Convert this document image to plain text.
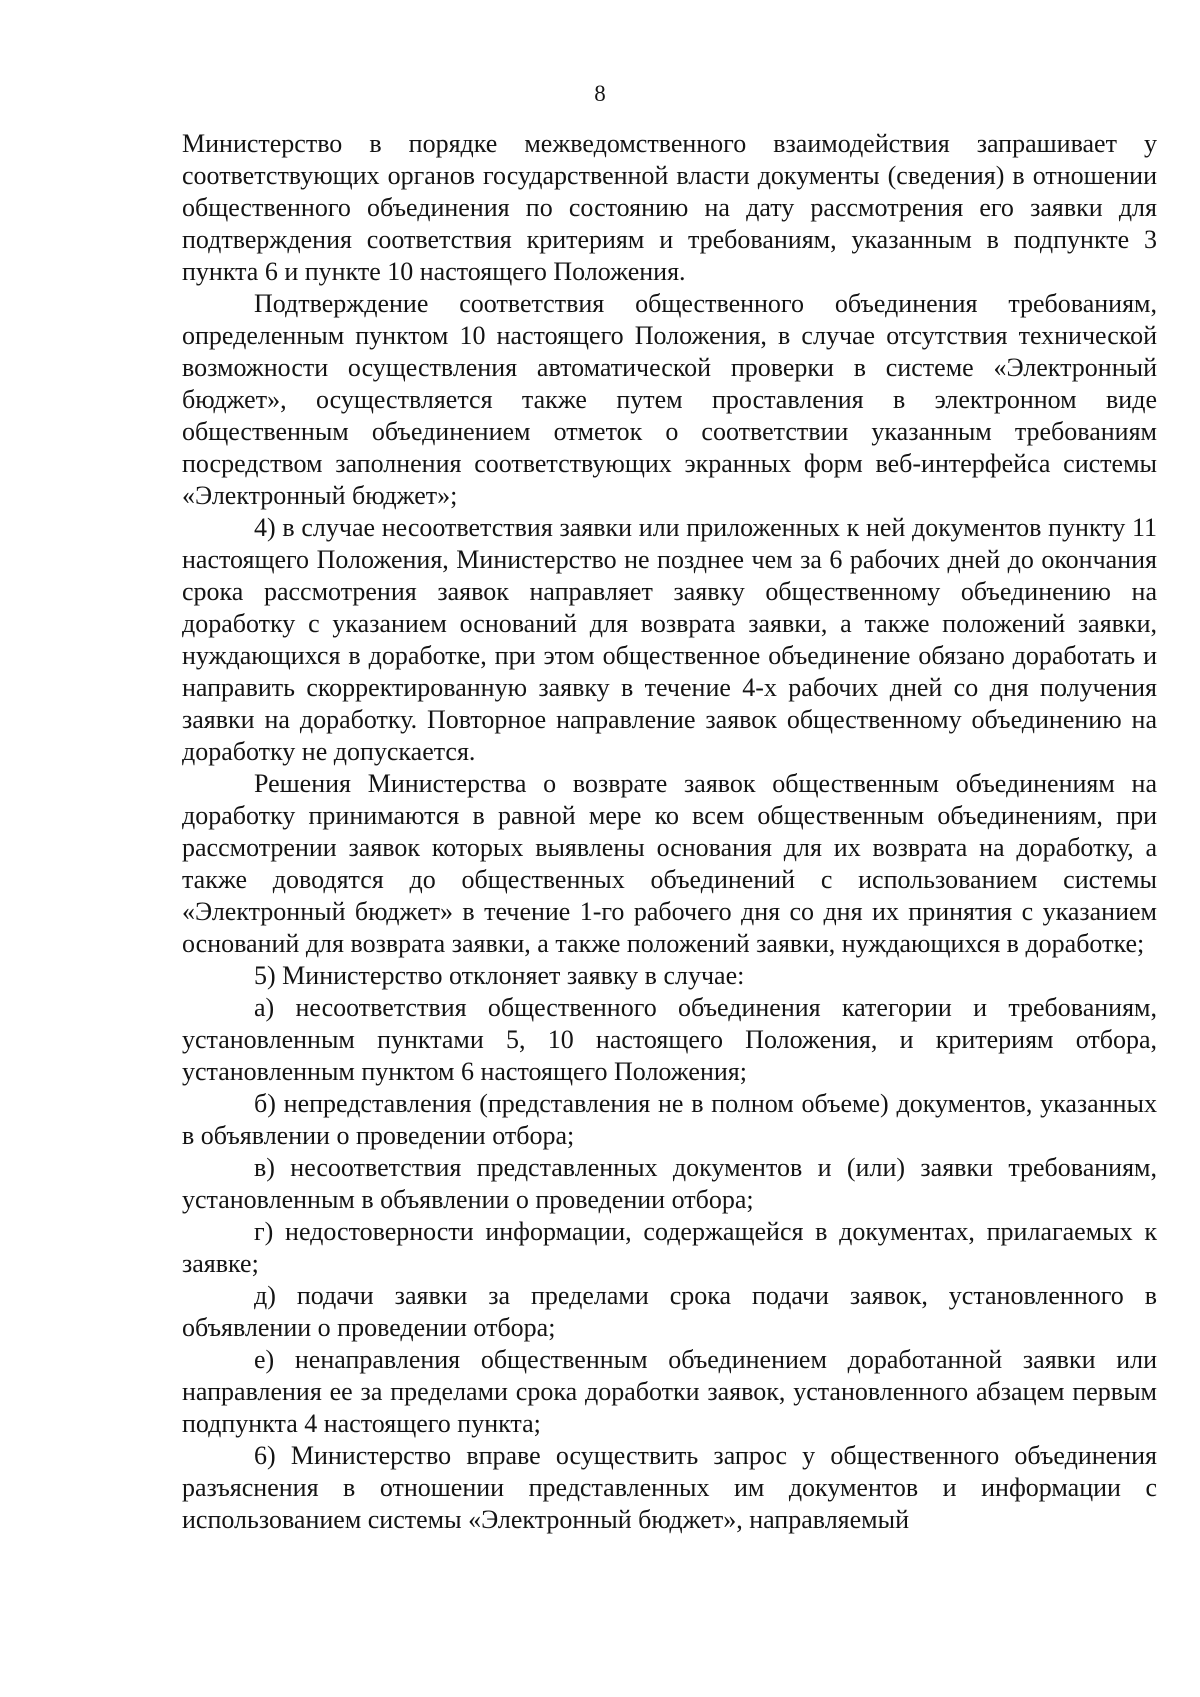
8

Министерство в порядке межведомственного взаимодействия запрашивает у соответствующих органов государственной власти документы (сведения) в отношении общественного объединения по состоянию на дату рассмотрения его заявки для подтверждения соответствия критериям и требованиям, указанным в подпункте 3 пункта 6 и пункте 10 настоящего Положения.

Подтверждение соответствия общественного объединения требованиям, определенным пунктом 10 настоящего Положения, в случае отсутствия технической возможности осуществления автоматической проверки в системе «Электронный бюджет», осуществляется также путем проставления в электронном виде общественным объединением отметок о соответствии указанным требованиям посредством заполнения соответствующих экранных форм веб-интерфейса системы «Электронный бюджет»;

4) в случае несоответствия заявки или приложенных к ней документов пункту 11 настоящего Положения, Министерство не позднее чем за 6 рабочих дней до окончания срока рассмотрения заявок направляет заявку общественному объединению на доработку с указанием оснований для возврата заявки, а также положений заявки, нуждающихся в доработке, при этом общественное объединение обязано доработать и направить скорректированную заявку в течение 4-х рабочих дней со дня получения заявки на доработку. Повторное направление заявок общественному объединению на доработку не допускается.

Решения Министерства о возврате заявок общественным объединениям на доработку принимаются в равной мере ко всем общественным объединениям, при рассмотрении заявок которых выявлены основания для их возврата на доработку, а также доводятся до общественных объединений с использованием системы «Электронный бюджет» в течение 1-го рабочего дня со дня их принятия с указанием оснований для возврата заявки, а также положений заявки, нуждающихся в доработке;

5) Министерство отклоняет заявку в случае:

а) несоответствия общественного объединения категории и требованиям, установленным пунктами 5, 10 настоящего Положения, и критериям отбора, установленным пунктом 6 настоящего Положения;

б) непредставления (представления не в полном объеме) документов, указанных в объявлении о проведении отбора;

в) несоответствия представленных документов и (или) заявки требованиям, установленным в объявлении о проведении отбора;

г) недостоверности информации, содержащейся в документах, прилагаемых к заявке;

д) подачи заявки за пределами срока подачи заявок, установленного в объявлении о проведении отбора;

е) ненаправления общественным объединением доработанной заявки или направления ее за пределами срока доработки заявок, установленного абзацем первым подпункта 4 настоящего пункта;

6) Министерство вправе осуществить запрос у общественного объединения разъяснения в отношении представленных им документов и информации с использованием системы «Электронный бюджет», направляемый
